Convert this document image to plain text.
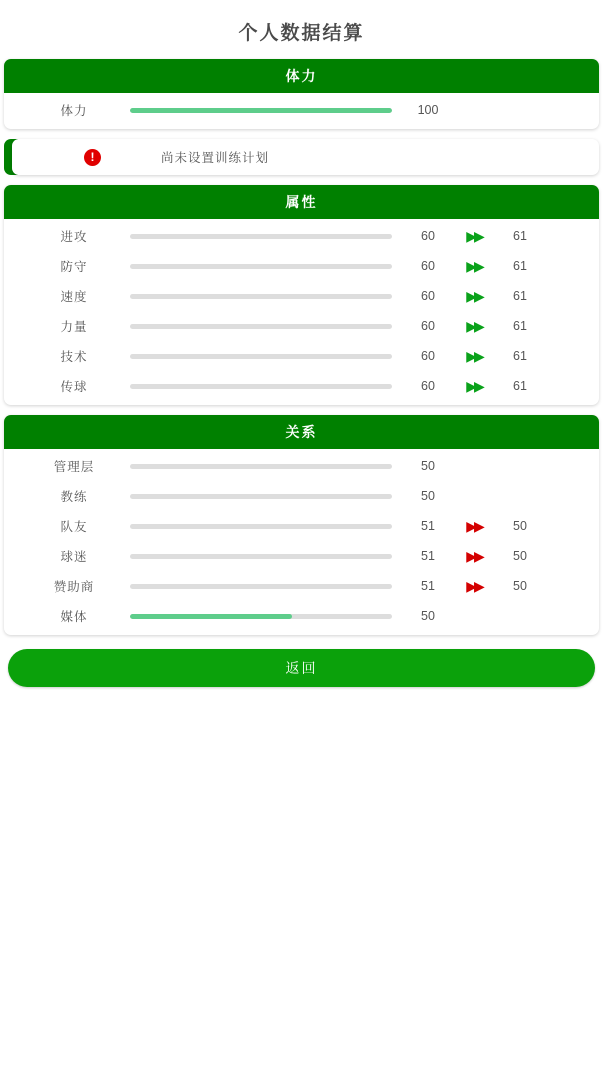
个人数据结算
体力
体力	100
!	尚未设置训练计划
属性
进攻	60	▶▶	61
防守	60	▶▶	61
速度	60	▶▶	61
力量	60	▶▶	61
技术	60	▶▶	61
传球	60	▶▶	61
关系
管理层	50
教练	50
队友	51	▶▶	50
球迷	51	▶▶	50
赞助商	51	▶▶	50
媒体	50
返回
